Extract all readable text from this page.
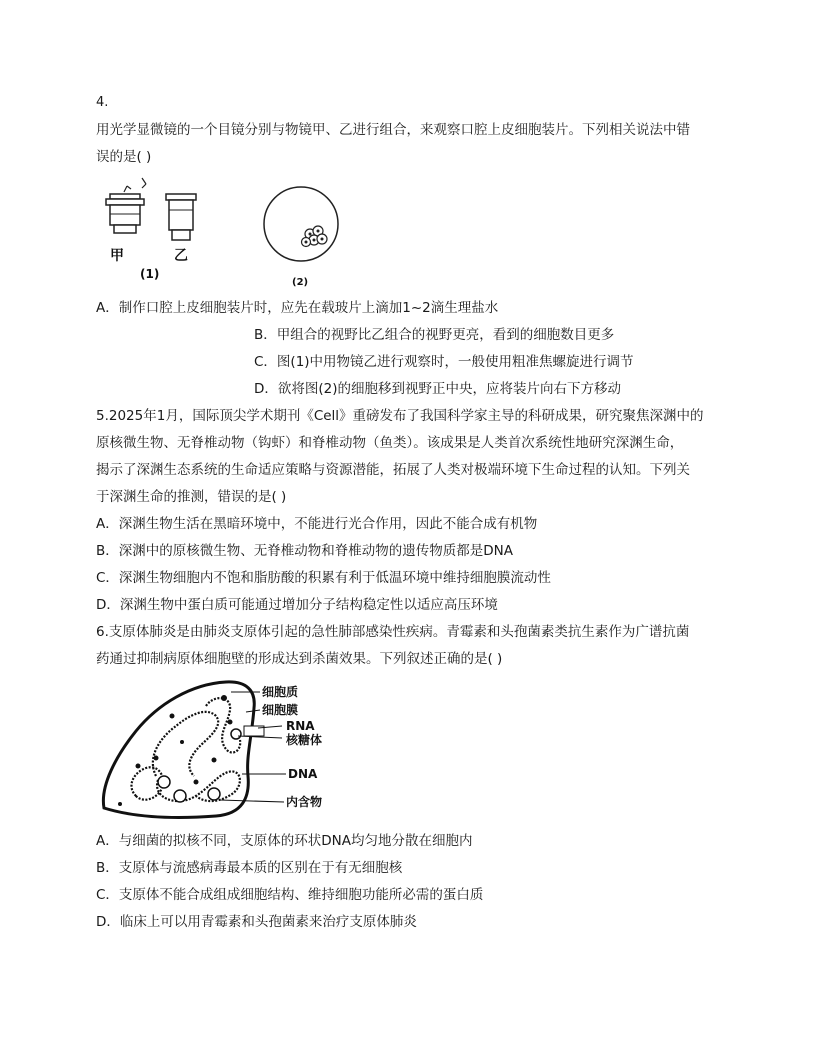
4.
用光学显微镜的一个目镜分别与物镜甲、乙进行组合，来观察口腔上皮细胞装片。下列相关说法中错
误的是( )
甲	乙
(1)
(2)
A．制作口腔上皮细胞装片时，应先在载玻片上滴加1~2滴生理盐水
B．甲组合的视野比乙组合的视野更亮，看到的细胞数目更多
C．图(1)中用物镜乙进行观察时，一般使用粗准焦螺旋进行调节
D．欲将图(2)的细胞移到视野正中央，应将装片向右下方移动
5.2025年1月，国际顶尖学术期刊《Cell》重磅发布了我国科学家主导的科研成果，研究聚焦深渊中的
原核微生物、无脊椎动物（钩虾）和脊椎动物（鱼类）。该成果是人类首次系统性地研究深渊生命，
揭示了深渊生态系统的生命适应策略与资源潜能，拓展了人类对极端环境下生命过程的认知。下列关
于深渊生命的推测，错误的是( )
A．深渊生物生活在黑暗环境中，不能进行光合作用，因此不能合成有机物
B．深渊中的原核微生物、无脊椎动物和脊椎动物的遗传物质都是DNA
C．深渊生物细胞内不饱和脂肪酸的积累有利于低温环境中维持细胞膜流动性
D．深渊生物中蛋白质可能通过增加分子结构稳定性以适应高压环境
6.支原体肺炎是由肺炎支原体引起的急性肺部感染性疾病。青霉素和头孢菌素类抗生素作为广谱抗菌
药通过抑制病原体细胞壁的形成达到杀菌效果。下列叙述正确的是( )
细胞质
细胞膜
RNA
核糖体
DNA
内含物
A．与细菌的拟核不同，支原体的环状DNA均匀地分散在细胞内
B．支原体与流感病毒最本质的区别在于有无细胞核
C．支原体不能合成组成细胞结构、维持细胞功能所必需的蛋白质
D．临床上可以用青霉素和头孢菌素来治疗支原体肺炎
